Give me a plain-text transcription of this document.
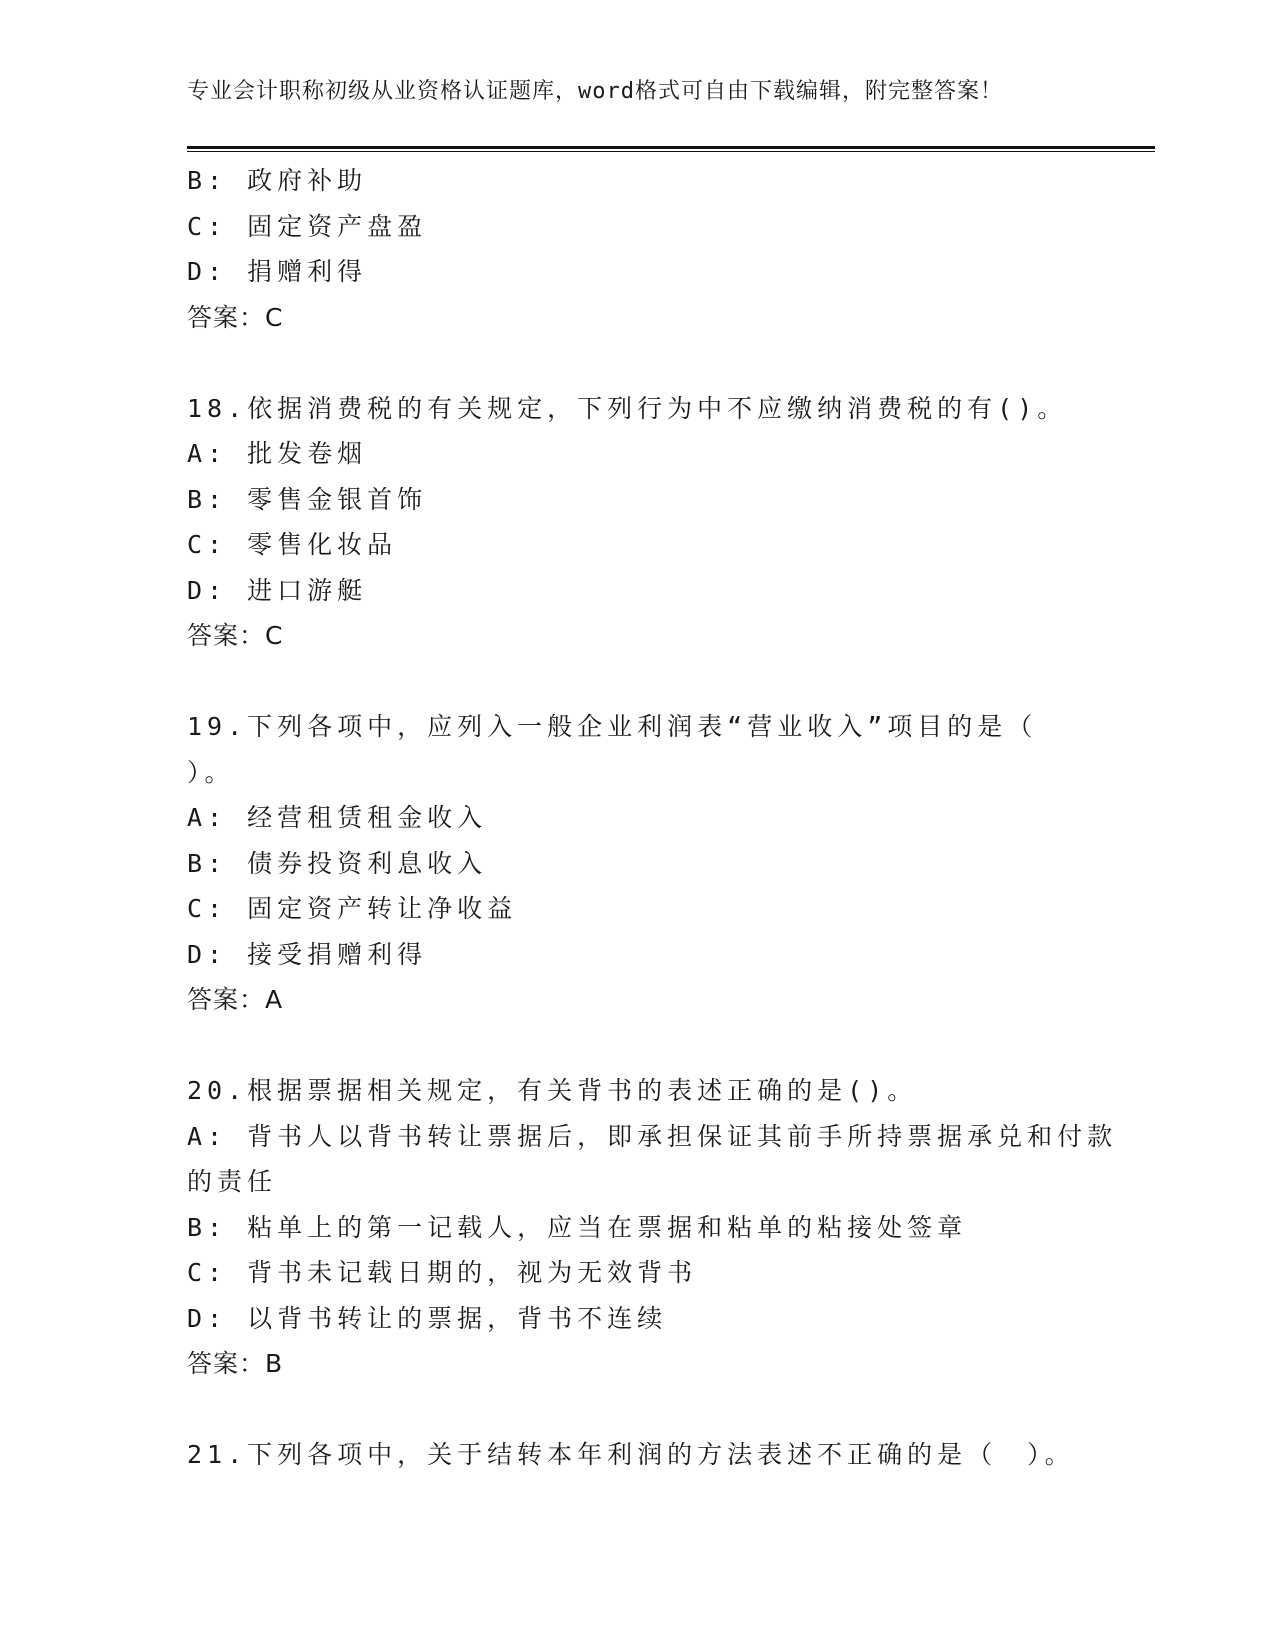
专业会计职称初级从业资格认证题库，word格式可自由下载编辑，附完整答案！
B: 政府补助
C: 固定资产盘盈
D: 捐赠利得
答案：C
18.依据消费税的有关规定，下列行为中不应缴纳消费税的有()。
A: 批发卷烟
B: 零售金银首饰
C: 零售化妆品
D: 进口游艇
答案：C
19.下列各项中，应列入一般企业利润表“营业收入”项目的是（
）。
A: 经营租赁租金收入
B: 债券投资利息收入
C: 固定资产转让净收益
D: 接受捐赠利得
答案：A
20.根据票据相关规定，有关背书的表述正确的是()。
A: 背书人以背书转让票据后，即承担保证其前手所持票据承兑和付款
的责任
B: 粘单上的第一记载人，应当在票据和粘单的粘接处签章
C: 背书未记载日期的，视为无效背书
D: 以背书转让的票据，背书不连续
答案：B
21.下列各项中，关于结转本年利润的方法表述不正确的是（　）。
